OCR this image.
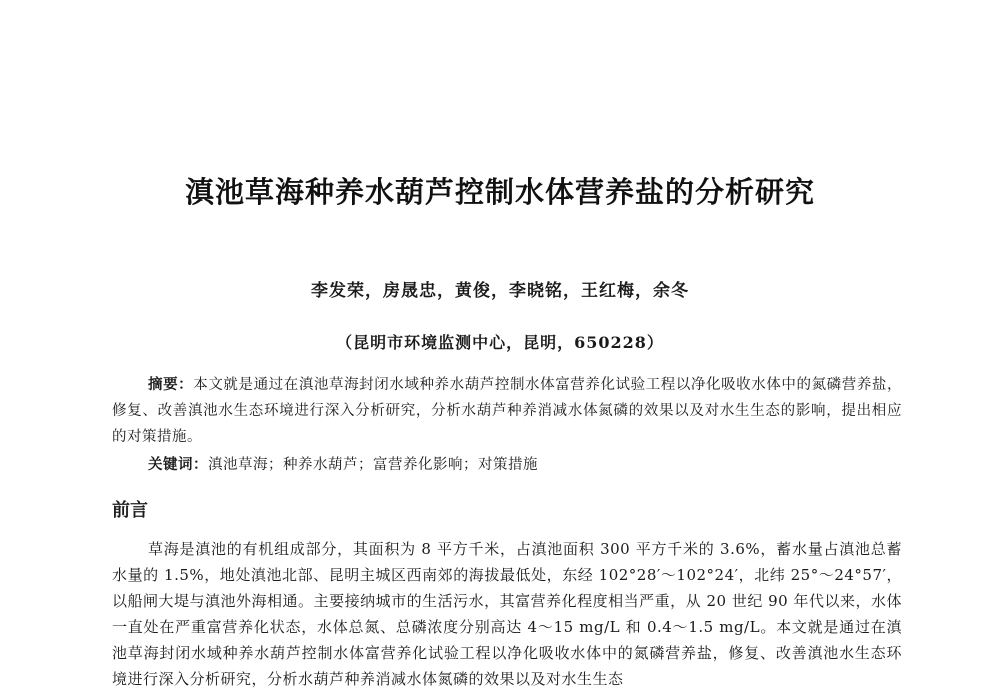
滇池草海种养水葫芦控制水体营养盐的分析研究
李发荣，房晟忠，黄俊，李晓铭，王红梅，余冬
（昆明市环境监测中心，昆明，650228）
摘要：本文就是通过在滇池草海封闭水域种养水葫芦控制水体富营养化试验工程以净化吸收水体中的氮磷营养盐，修复、改善滇池水生态环境进行深入分析研究，分析水葫芦种养消减水体氮磷的效果以及对水生生态的影响，提出相应的对策措施。
关键词：滇池草海；种养水葫芦；富营养化影响；对策措施
前言
草海是滇池的有机组成部分，其面积为 8 平方千米，占滇池面积 300 平方千米的 3.6%，蓄水量占滇池总蓄水量的 1.5%，地处滇池北部、昆明主城区西南郊的海拔最低处，东经 102°28′～102°24′，北纬 25°～24°57′，以船闸大堤与滇池外海相通。主要接纳城市的生活污水，其富营养化程度相当严重，从 20 世纪 90 年代以来，水体一直处在严重富营养化状态，水体总氮、总磷浓度分别高达 4～15 mg/L 和 0.4～1.5 mg/L。本文就是通过在滇池草海封闭水域种养水葫芦控制水体富营养化试验工程以净化吸收水体中的氮磷营养盐，修复、改善滇池水生态环境进行深入分析研究，分析水葫芦种养消减水体氮磷的效果以及对水生生态
